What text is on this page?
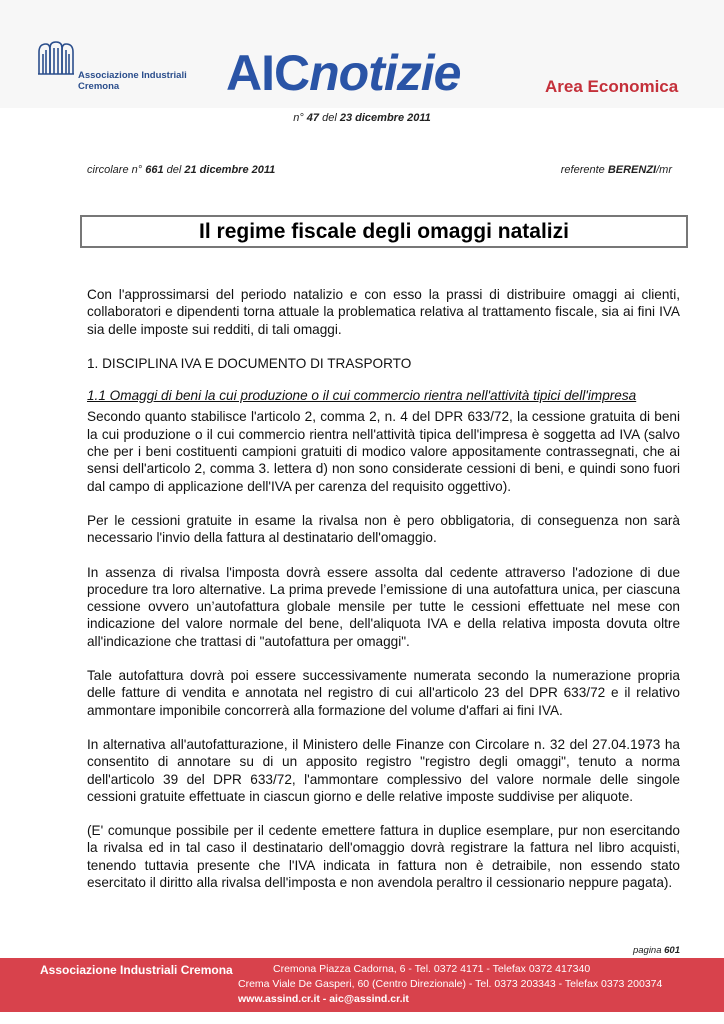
Associazione Industriali
Cremona	AICnotizie	Area Economica
n° 47 del 23 dicembre 2011
circolare n° 661 del 21 dicembre 2011	referente BERENZI/mr
Il regime fiscale degli omaggi natalizi

Con l'approssimarsi del periodo natalizio e con esso la prassi di distribuire omaggi ai clienti, collaboratori e dipendenti torna attuale la problematica relativa al trattamento fiscale, sia ai fini IVA sia delle imposte sui redditi, di tali omaggi.

1. DISCIPLINA IVA E DOCUMENTO DI TRASPORTO

1.1 Omaggi di beni la cui produzione o il cui commercio rientra nell'attività tipici dell'impresa

Secondo quanto stabilisce l'articolo 2, comma 2, n. 4 del DPR 633/72, la cessione gratuita di beni la cui produzione o il cui commercio rientra nell'attività tipica dell'impresa è soggetta ad IVA (salvo che per i beni costituenti campioni gratuiti di modico valore appositamente contrassegnati, che ai sensi dell'articolo 2, comma 3. lettera d) non sono considerate cessioni di beni, e quindi sono fuori dal campo di applicazione dell'IVA per carenza del requisito oggettivo).

Per le cessioni gratuite in esame la rivalsa non è pero obbligatoria, di conseguenza non sarà necessario l'invio della fattura al destinatario dell'omaggio.

In assenza di rivalsa l'imposta dovrà essere assolta dal cedente attraverso l'adozione di due procedure tra loro alternative. La prima prevede l’emissione di una autofattura unica, per ciascuna cessione ovvero un’autofattura globale mensile per tutte le cessioni effettuate nel mese con indicazione del valore normale del bene, dell'aliquota IVA e della relativa imposta dovuta oltre all'indicazione che trattasi di "autofattura per omaggi".

Tale autofattura dovrà poi essere successivamente numerata secondo la numerazione propria delle fatture di vendita e annotata nel registro di cui all'articolo 23 del DPR 633/72 e il relativo ammontare imponibile concorrerà alla formazione del volume d'affari ai fini IVA.

In alternativa all'autofatturazione, il Ministero delle Finanze con Circolare n. 32 del 27.04.1973 ha consentito di annotare su di un apposito registro "registro degli omaggi", tenuto a norma dell'articolo 39 del DPR 633/72, l'ammontare complessivo del valore normale delle singole cessioni gratuite effettuate in ciascun giorno e delle relative imposte suddivise per aliquote.

(E' comunque possibile per il cedente emettere fattura in duplice esemplare, pur non esercitando la rivalsa ed in tal caso il destinatario dell'omaggio dovrà registrare la fattura nel libro acquisti, tenendo tuttavia presente che l'IVA indicata in fattura non è detraibile, non essendo stato esercitato il diritto alla rivalsa dell'imposta e non avendola peraltro il cessionario neppure pagata).

pagina 601
Associazione Industriali Cremona	Cremona Piazza Cadorna, 6 - Tel. 0372 4171 - Telefax 0372 417340
Crema Viale De Gasperi, 60 (Centro Direzionale) - Tel. 0373 203343 - Telefax 0373 200374
www.assind.cr.it - aic@assind.cr.it
